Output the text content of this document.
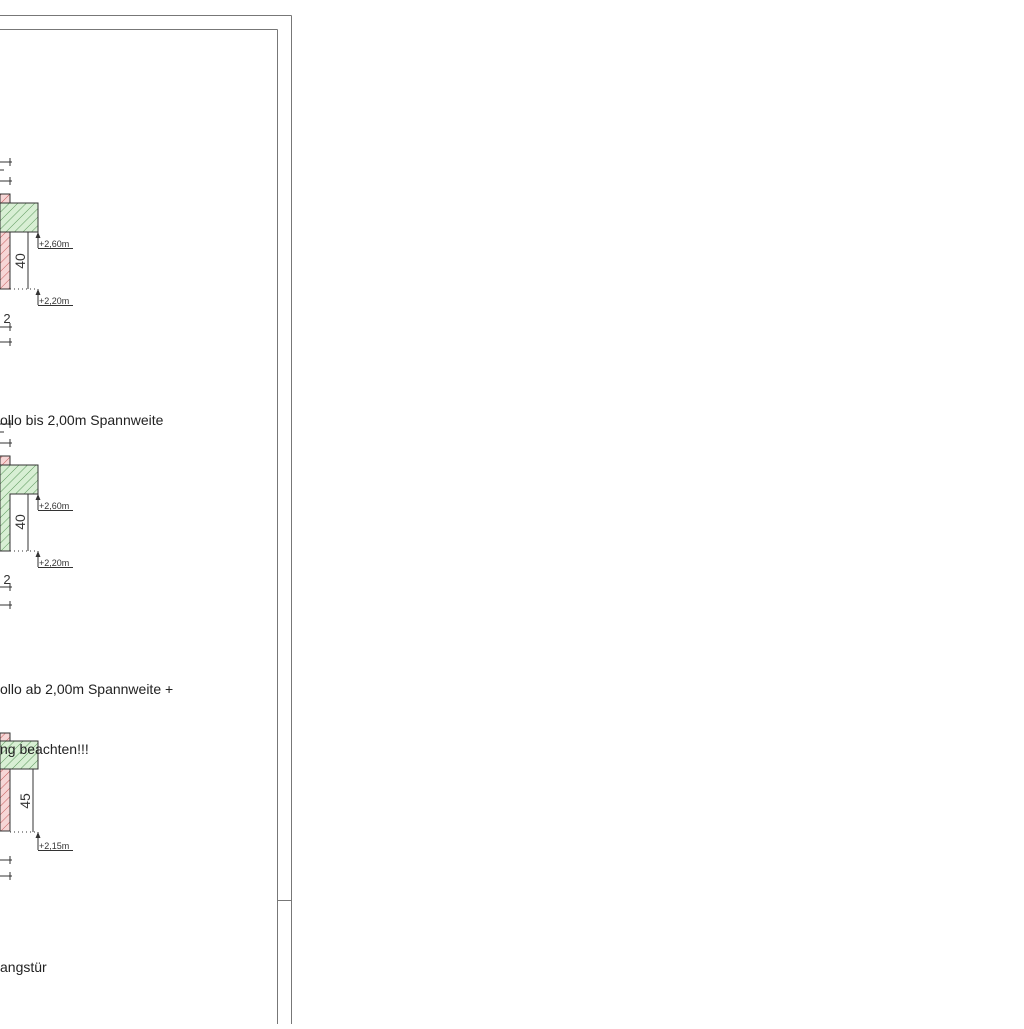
40
2
+2,60m
+2,20m
40
2
+2,60m
+2,20m
45
+2,15m

ollo bis 2,00m Spannweite

ollo ab 2,00m Spannweite +

ng beachten!!!

angstür
